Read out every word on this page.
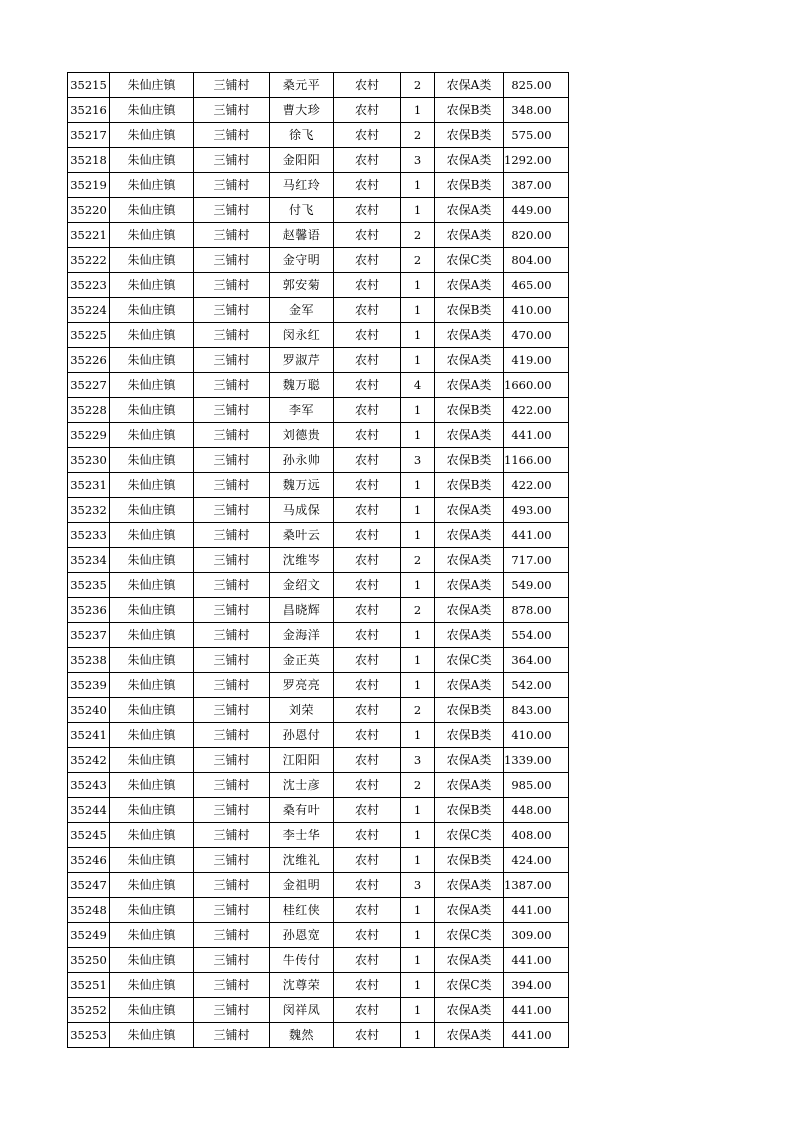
35215	朱仙庄镇	三铺村	桑元平	农村	2	农保A类	825.00
35216	朱仙庄镇	三铺村	曹大珍	农村	1	农保B类	348.00
35217	朱仙庄镇	三铺村	徐飞	农村	2	农保B类	575.00
35218	朱仙庄镇	三铺村	金阳阳	农村	3	农保A类	1292.00
35219	朱仙庄镇	三铺村	马红玲	农村	1	农保B类	387.00
35220	朱仙庄镇	三铺村	付飞	农村	1	农保A类	449.00
35221	朱仙庄镇	三铺村	赵馨语	农村	2	农保A类	820.00
35222	朱仙庄镇	三铺村	金守明	农村	2	农保C类	804.00
35223	朱仙庄镇	三铺村	郭安菊	农村	1	农保A类	465.00
35224	朱仙庄镇	三铺村	金军	农村	1	农保B类	410.00
35225	朱仙庄镇	三铺村	闵永红	农村	1	农保A类	470.00
35226	朱仙庄镇	三铺村	罗淑芹	农村	1	农保A类	419.00
35227	朱仙庄镇	三铺村	魏万聪	农村	4	农保A类	1660.00
35228	朱仙庄镇	三铺村	李军	农村	1	农保B类	422.00
35229	朱仙庄镇	三铺村	刘德贵	农村	1	农保A类	441.00
35230	朱仙庄镇	三铺村	孙永帅	农村	3	农保B类	1166.00
35231	朱仙庄镇	三铺村	魏万远	农村	1	农保B类	422.00
35232	朱仙庄镇	三铺村	马成保	农村	1	农保A类	493.00
35233	朱仙庄镇	三铺村	桑叶云	农村	1	农保A类	441.00
35234	朱仙庄镇	三铺村	沈维岑	农村	2	农保A类	717.00
35235	朱仙庄镇	三铺村	金绍文	农村	1	农保A类	549.00
35236	朱仙庄镇	三铺村	昌晓辉	农村	2	农保A类	878.00
35237	朱仙庄镇	三铺村	金海洋	农村	1	农保A类	554.00
35238	朱仙庄镇	三铺村	金正英	农村	1	农保C类	364.00
35239	朱仙庄镇	三铺村	罗亮亮	农村	1	农保A类	542.00
35240	朱仙庄镇	三铺村	刘荣	农村	2	农保B类	843.00
35241	朱仙庄镇	三铺村	孙恩付	农村	1	农保B类	410.00
35242	朱仙庄镇	三铺村	江阳阳	农村	3	农保A类	1339.00
35243	朱仙庄镇	三铺村	沈士彦	农村	2	农保A类	985.00
35244	朱仙庄镇	三铺村	桑有叶	农村	1	农保B类	448.00
35245	朱仙庄镇	三铺村	李士华	农村	1	农保C类	408.00
35246	朱仙庄镇	三铺村	沈维礼	农村	1	农保B类	424.00
35247	朱仙庄镇	三铺村	金祖明	农村	3	农保A类	1387.00
35248	朱仙庄镇	三铺村	桂红侠	农村	1	农保A类	441.00
35249	朱仙庄镇	三铺村	孙恩宽	农村	1	农保C类	309.00
35250	朱仙庄镇	三铺村	牛传付	农村	1	农保A类	441.00
35251	朱仙庄镇	三铺村	沈尊荣	农村	1	农保C类	394.00
35252	朱仙庄镇	三铺村	闵祥凤	农村	1	农保A类	441.00
35253	朱仙庄镇	三铺村	魏然	农村	1	农保A类	441.00
